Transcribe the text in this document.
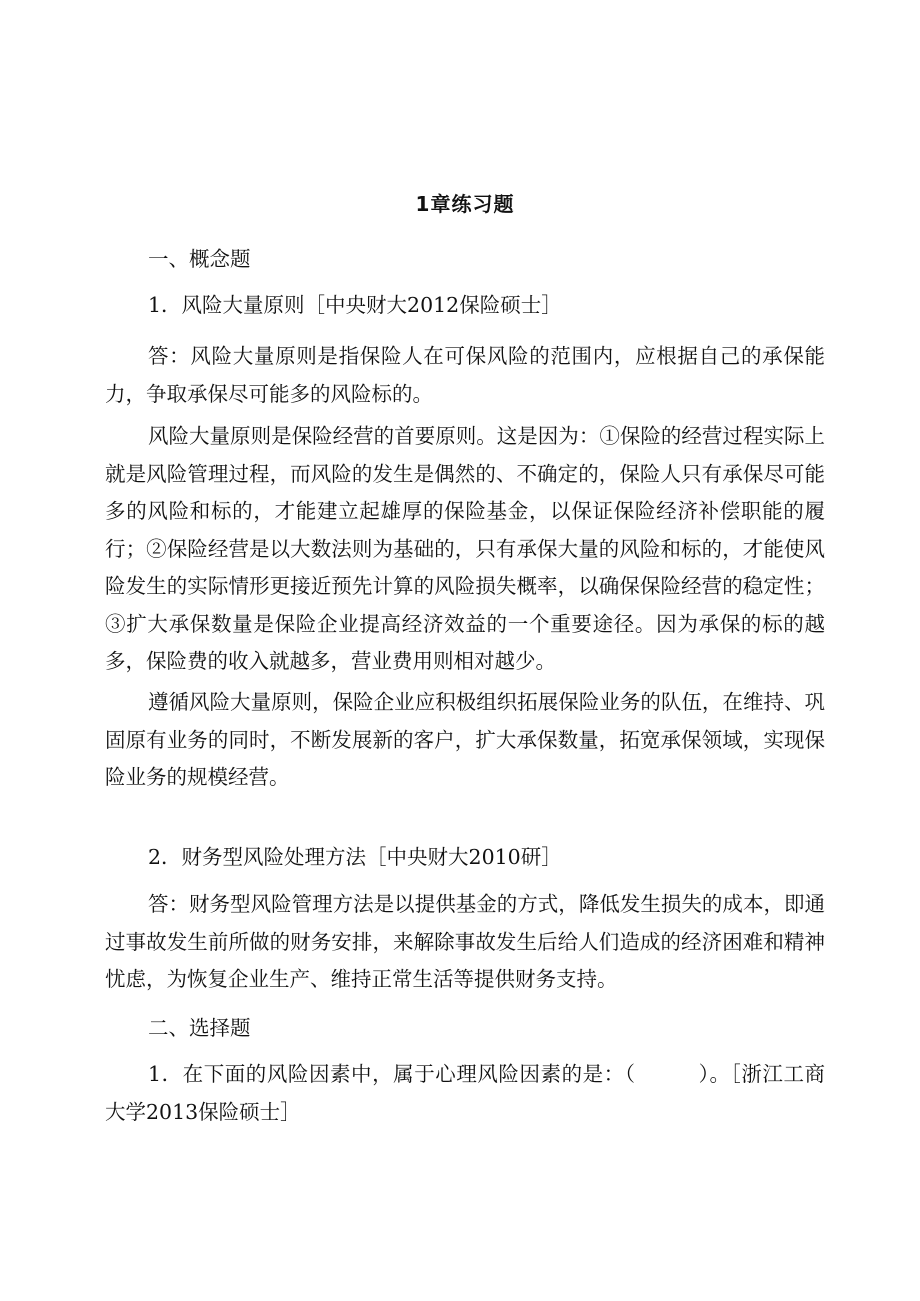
1章练习题

一、概念题

1．风险大量原则［中央财大2012保险硕士］

答：风险大量原则是指保险人在可保风险的范围内，应根据自己的承保能力，争取承保尽可能多的风险标的。

风险大量原则是保险经营的首要原则。这是因为：①保险的经营过程实际上就是风险管理过程，而风险的发生是偶然的、不确定的，保险人只有承保尽可能多的风险和标的，才能建立起雄厚的保险基金，以保证保险经济补偿职能的履行；②保险经营是以大数法则为基础的，只有承保大量的风险和标的，才能使风险发生的实际情形更接近预先计算的风险损失概率，以确保保险经营的稳定性；③扩大承保数量是保险企业提高经济效益的一个重要途径。因为承保的标的越多，保险费的收入就越多，营业费用则相对越少。

遵循风险大量原则，保险企业应积极组织拓展保险业务的队伍，在维持、巩固原有业务的同时，不断发展新的客户，扩大承保数量，拓宽承保领域，实现保险业务的规模经营。

2．财务型风险处理方法［中央财大2010研］

答：财务型风险管理方法是以提供基金的方式，降低发生损失的成本，即通过事故发生前所做的财务安排，来解除事故发生后给人们造成的经济困难和精神忧虑，为恢复企业生产、维持正常生活等提供财务支持。

二、选择题

1．在下面的风险因素中，属于心理风险因素的是：（　　　）。［浙江工商大学2013保险硕士］
